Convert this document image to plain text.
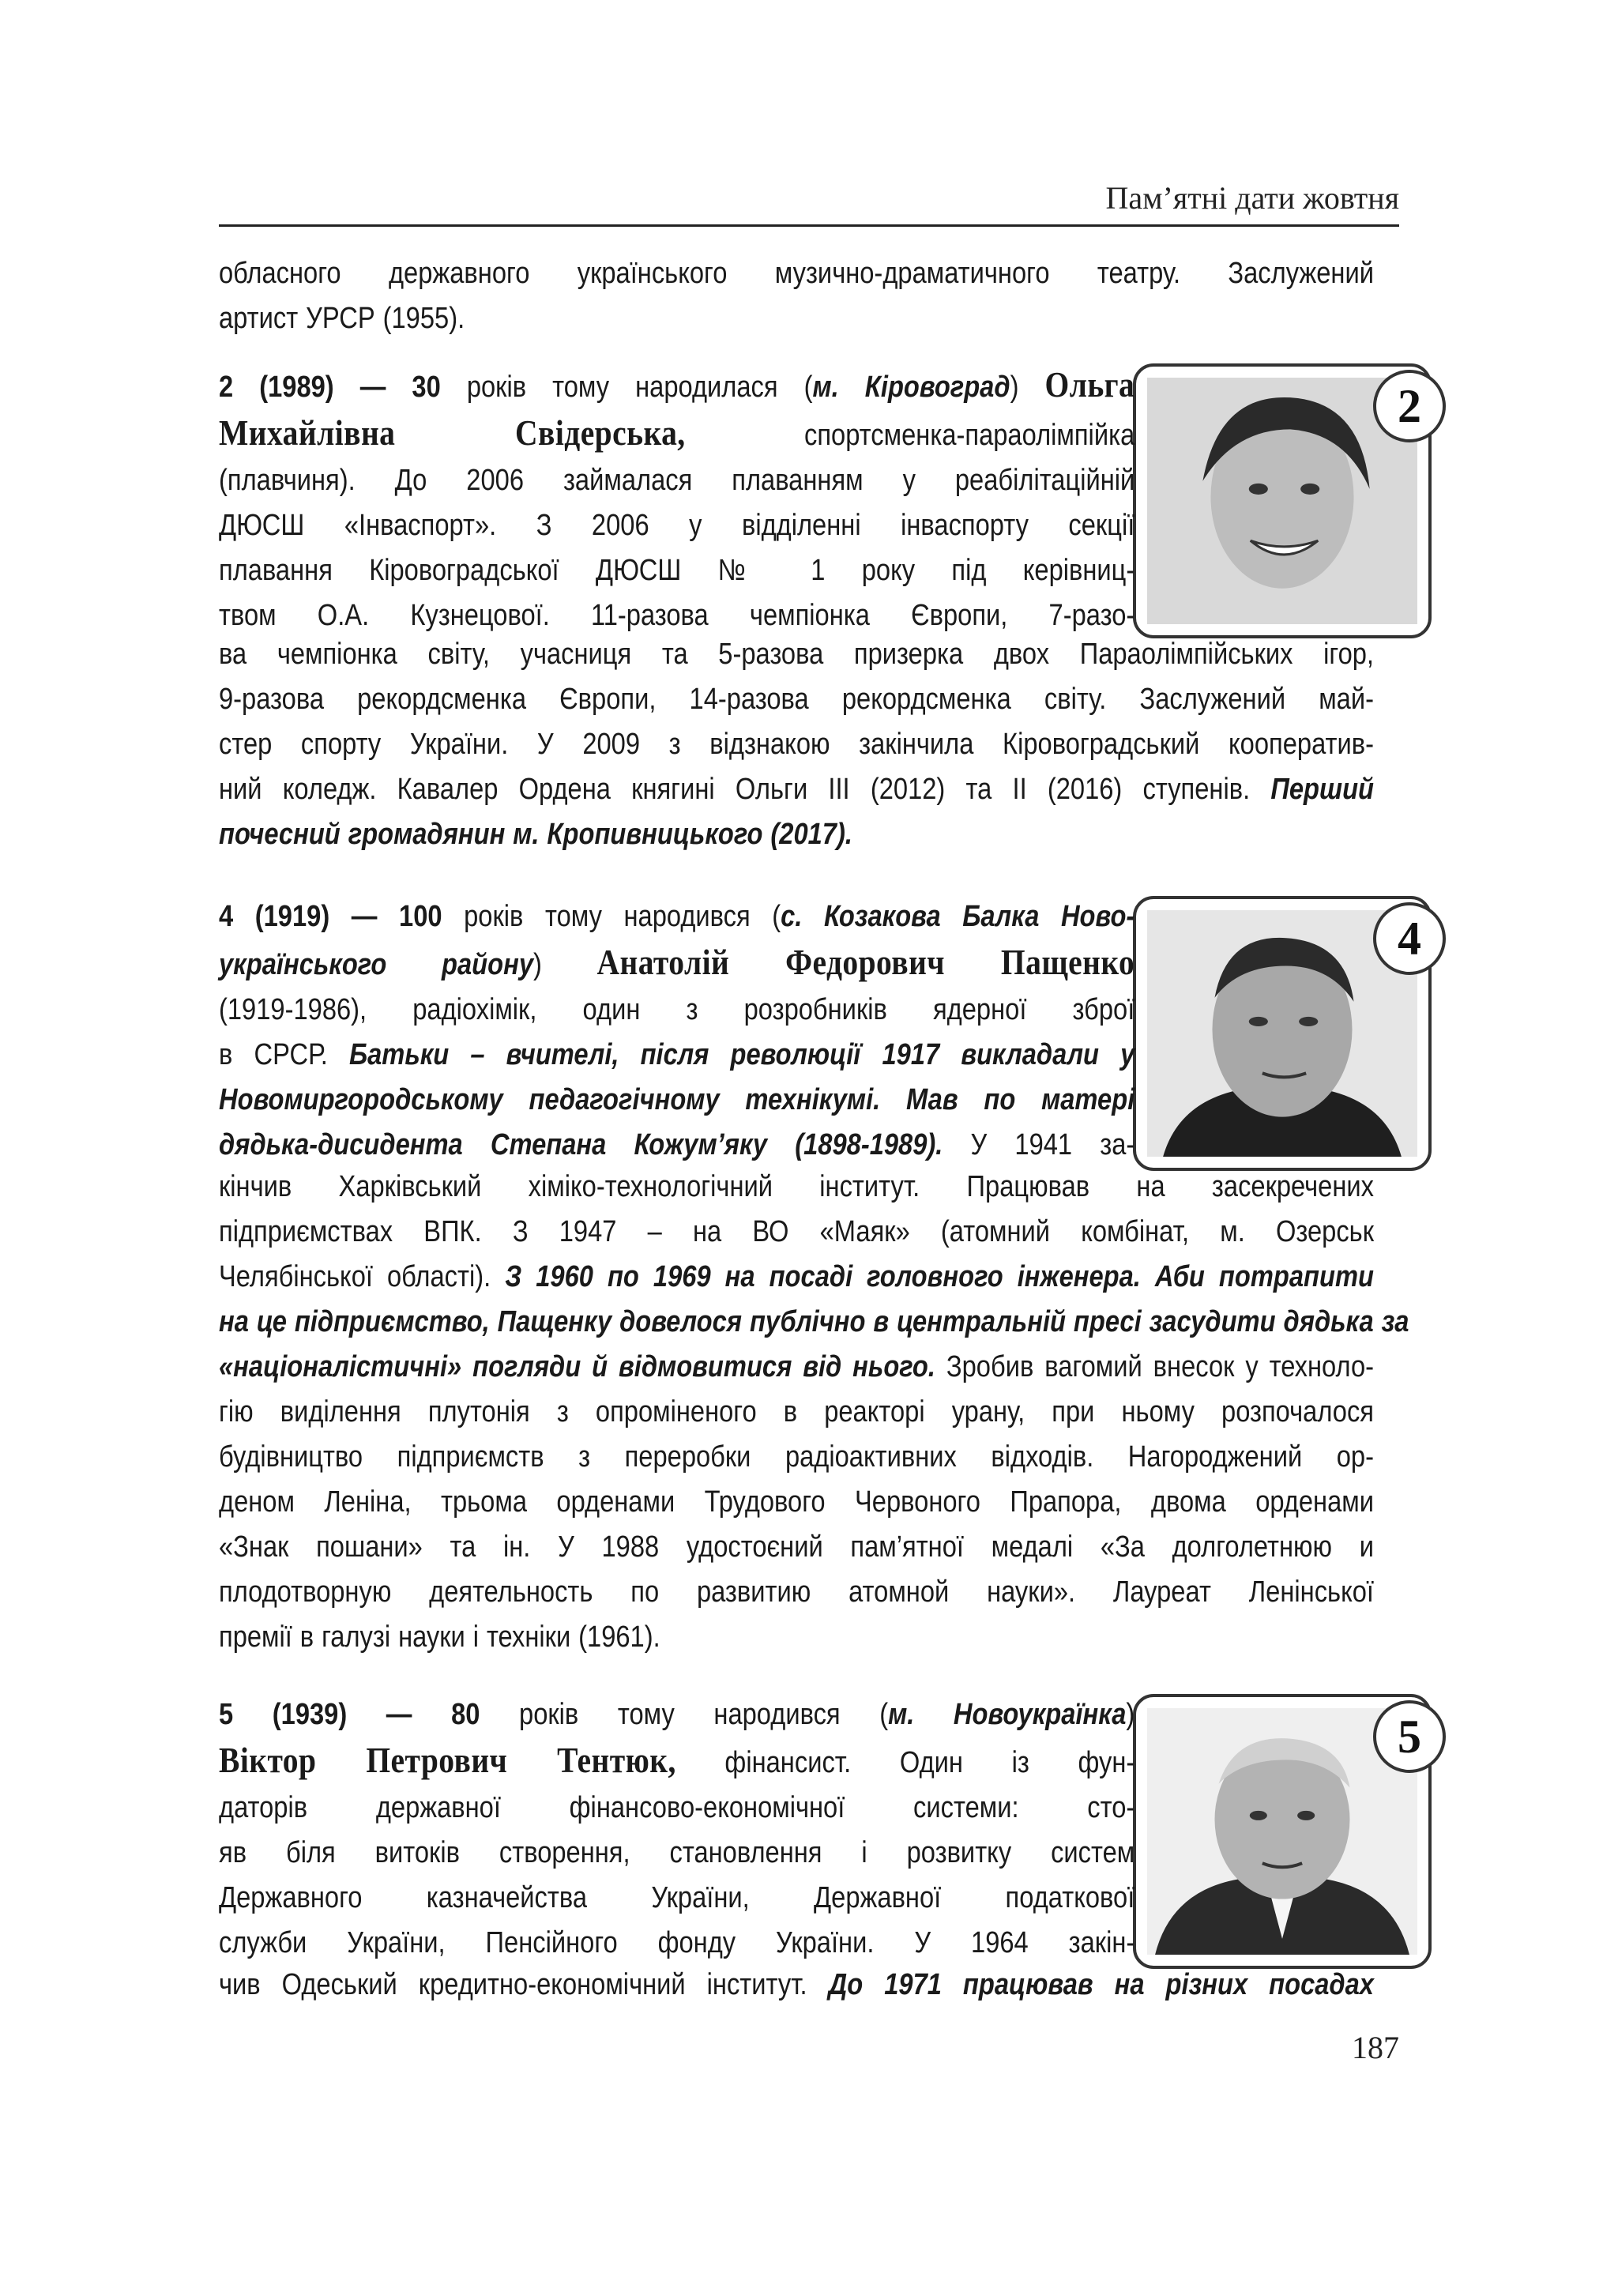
Пам’ятні дати жовтня
обласного державного українського музично-драматичного театру. Заслужений
артист УРСР (1955).
2
2 (1989) — 30 років тому народилася (м. Кіровоград) Ольга
Михайлівна Свідерська, спортсменка-параолімпійка
(плавчиня). До 2006 займалася плаванням у реабілітаційній
ДЮСШ «Інваспорт». З 2006 у відділенні інваспорту секції
плавання Кіровоградської ДЮСШ № 1 року під керівниц-
твом О.А. Кузнецової. 11-разова чемпіонка Європи, 7-разо-
ва чемпіонка світу, учасниця та 5-разова призерка двох Параолімпійських ігор,
9-разова рекордсменка Європи, 14-разова рекордсменка світу. Заслужений май-
стер спорту України. У 2009 з відзнакою закінчила Кіровоградський кооператив-
ний коледж. Кавалер Ордена княгині Ольги ІІІ (2012) та ІІ (2016) ступенів. Перший
почесний громадянин м. Кропивницького (2017).
4
4 (1919) — 100 років тому народився (с. Козакова Балка Ново-
українського району) Анатолій Федорович Пащенко
(1919-1986), радіохімік, один з розробників ядерної зброї
в СРСР. Батьки – вчителі, після революції 1917 викладали у
Новомиргородському педагогічному технікумі. Мав по матері
дядька-дисидента Степана Кожум’яку (1898-1989). У 1941 за-
кінчив Харківський хіміко-технологічний інститут. Працював на засекречених
підприємствах ВПК. З 1947 – на ВО «Маяк» (атомний комбінат, м. Озерськ
Челябінської області). З 1960 по 1969 на посаді головного інженера. Аби потрапити
на це підприємство, Пащенку довелося публічно в центральній пресі засудити дядька за
«націоналістичні» погляди й відмовитися від нього. Зробив вагомий внесок у техноло-
гію виділення плутонія з опроміненого в реакторі урану, при ньому розпочалося
будівництво підприємств з переробки радіоактивних відходів. Нагороджений ор-
деном Леніна, трьома орденами Трудового Червоного Прапора, двома орденами
«Знак пошани» та ін. У 1988 удостоєний пам’ятної медалі «За долголетнюю и
плодотворную деятельность по развитию атомной науки». Лауреат Ленінської
премії в галузі науки і техніки (1961).
5
5 (1939) — 80 років тому народився (м. Новоукраїнка)
Віктор Петрович Тентюк, фінансист. Один із фун-
даторів державної фінансово-економічної системи: сто-
яв біля витоків створення, становлення і розвитку систем
Державного казначейства України, Державної податкової
служби України, Пенсійного фонду України. У 1964 закін-
чив Одеський кредитно-економічний інститут. До 1971 працював на різних посадах
187
